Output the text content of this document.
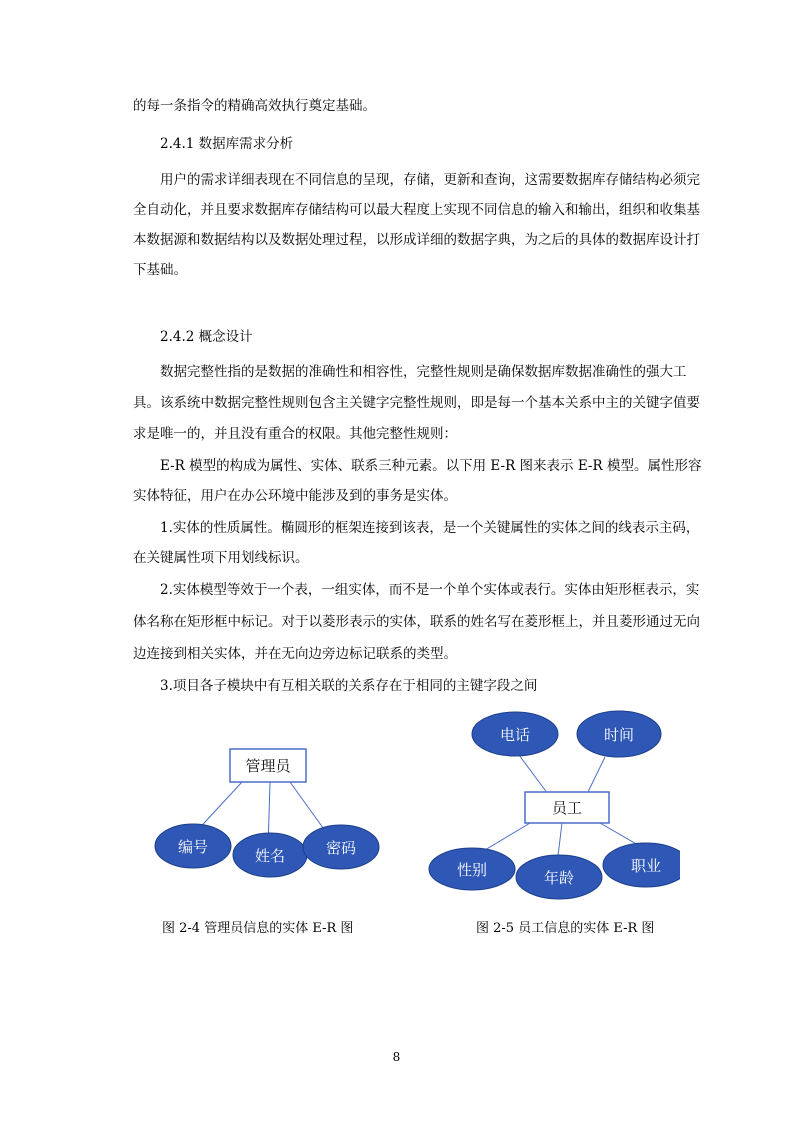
的每一条指令的精确高效执行奠定基础。
2.4.1 数据库需求分析
用户的需求详细表现在不同信息的呈现，存储，更新和查询，这需要数据库存储结构必须完
全自动化，并且要求数据库存储结构可以最大程度上实现不同信息的输入和输出，组织和收集基
本数据源和数据结构以及数据处理过程，以形成详细的数据字典，为之后的具体的数据库设计打
下基础。
2.4.2 概念设计
数据完整性指的是数据的准确性和相容性，完整性规则是确保数据库数据准确性的强大工
具。该系统中数据完整性规则包含主关键字完整性规则，即是每一个基本关系中主的关键字值要
求是唯一的，并且没有重合的权限。其他完整性规则：
E-R 模型的构成为属性、实体、联系三种元素。以下用 E-R 图来表示 E-R 模型。属性形容
实体特征，用户在办公环境中能涉及到的事务是实体。
1.实体的性质属性。椭圆形的框架连接到该表，是一个关键属性的实体之间的线表示主码，
在关键属性项下用划线标识。
2.实体模型等效于一个表，一组实体，而不是一个单个实体或表行。实体由矩形框表示，实
体名称在矩形框中标记。对于以菱形表示的实体，联系的姓名写在菱形框上，并且菱形通过无向
边连接到相关实体，并在无向边旁边标记联系的类型。
3.项目各子模块中有互相关联的关系存在于相同的主键字段之间
管理员
编号	姓名	密码
电话	时间
员工
性别	年龄
职业
图 2-4 管理员信息的实体 E-R 图	图 2-5 员工信息的实体 E-R 图
8
